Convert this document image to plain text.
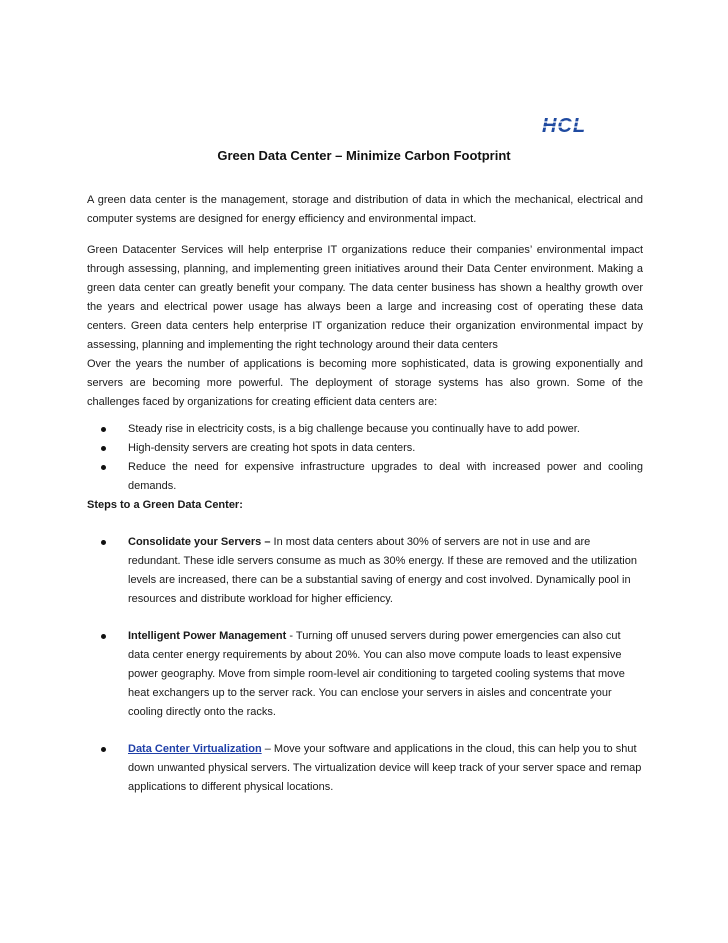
HCL
Green Data Center – Minimize Carbon Footprint

A green data center is the management, storage and distribution of data in which the mechanical, electrical and computer systems are designed for energy efficiency and environmental impact.

Green Datacenter Services will help enterprise IT organizations reduce their companies’ environmental impact through assessing, planning, and implementing green initiatives around their Data Center environment. Making a green data center can greatly benefit your company. The data center business has shown a healthy growth over the years and electrical power usage has always been a large and increasing cost of operating these data centers. Green data centers help enterprise IT organization reduce their organization environmental impact by assessing, planning and implementing the right technology around their data centers

Over the years the number of applications is becoming more sophisticated, data is growing exponentially and servers are becoming more powerful. The deployment of storage systems has also grown. Some of the challenges faced by organizations for creating efficient data centers are:

Steady rise in electricity costs, is a big challenge because you continually have to add power.
High-density servers are creating hot spots in data centers.
Reduce the need for expensive infrastructure upgrades to deal with increased power and cooling demands.

Steps to a Green Data Center:

Consolidate your Servers – In most data centers about 30% of servers are not in use and are redundant. These idle servers consume as much as 30% energy. If these are removed and the utilization levels are increased, there can be a substantial saving of energy and cost involved. Dynamically pool in resources and distribute workload for higher efficiency.
Intelligent Power Management - Turning off unused servers during power emergencies can also cut data center energy requirements by about 20%. You can also move compute loads to least expensive power geography. Move from simple room-level air conditioning to targeted cooling systems that move heat exchangers up to the server rack. You can enclose your servers in aisles and concentrate your cooling directly onto the racks.
Data Center Virtualization – Move your software and applications in the cloud, this can help you to shut down unwanted physical servers. The virtualization device will keep track of your server space and remap applications to different physical locations.
